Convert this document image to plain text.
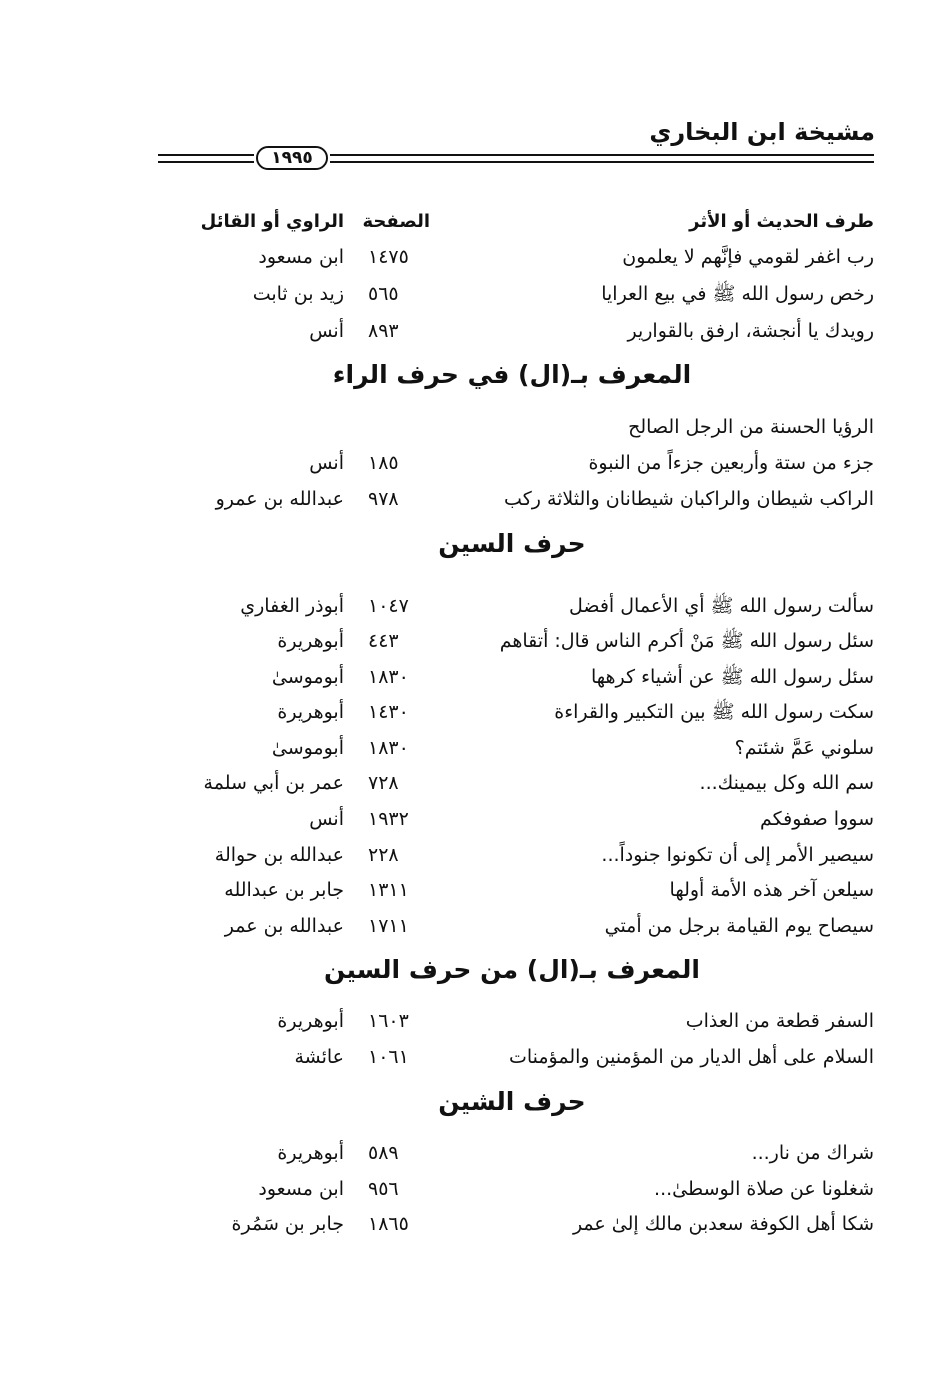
مشيخة ابن البخاري
١٩٩٥
طرف الحديث أو الأثر
الصفحة
الراوي أو القائل
رب اغفر لقومي فإنَّهم لا يعلمون
١٤٧٥
ابن مسعود
رخص رسول الله ﷺ في بيع العرايا
٥٦٥
زيد بن ثابت
رويدك يا أنجشة، ارفق بالقوارير
٨٩٣
أنس
المعرف بـ(ال) في حرف الراء
الرؤيا الحسنة من الرجل الصالح
جزء من ستة وأربعين جزءاً من النبوة
١٨٥
أنس
الراكب شيطان والراكبان شيطانان والثلاثة ركب
٩٧٨
عبدالله بن عمرو
حرف السين
سألت رسول الله ﷺ أي الأعمال أفضل
١٠٤٧
أبوذر الغفاري
سئل رسول الله ﷺ مَنْ أكرم الناس قال: أتقاهم
٤٤٣
أبوهريرة
سئل رسول الله ﷺ عن أشياء كرهها
١٨٣٠
أبوموسىٰ
سكت رسول الله ﷺ بين التكبير والقراءة
١٤٣٠
أبوهريرة
سلوني عَمَّ شئتم؟
١٨٣٠
أبوموسىٰ
سم الله وكل بيمينك...
٧٢٨
عمر بن أبي سلمة
سووا صفوفكم
١٩٣٢
أنس
سيصير الأمر إلى أن تكونوا جنوداً...
٢٢٨
عبدالله بن حوالة
سيلعن آخر هذه الأمة أولها
١٣١١
جابر بن عبدالله
سيصاح يوم القيامة برجل من أمتي
١٧١١
عبدالله بن عمر
المعرف بـ(ال) من حرف السين
السفر قطعة من العذاب
١٦٠٣
أبوهريرة
السلام على أهل الديار من المؤمنين والمؤمنات
١٠٦١
عائشة
حرف الشين
شراك من نار...
٥٨٩
أبوهريرة
شغلونا عن صلاة الوسطىٰ...
٩٥٦
ابن مسعود
شكا أهل الكوفة سعدبن مالك إلىٰ عمر
١٨٦٥
جابر بن سَمُرة
